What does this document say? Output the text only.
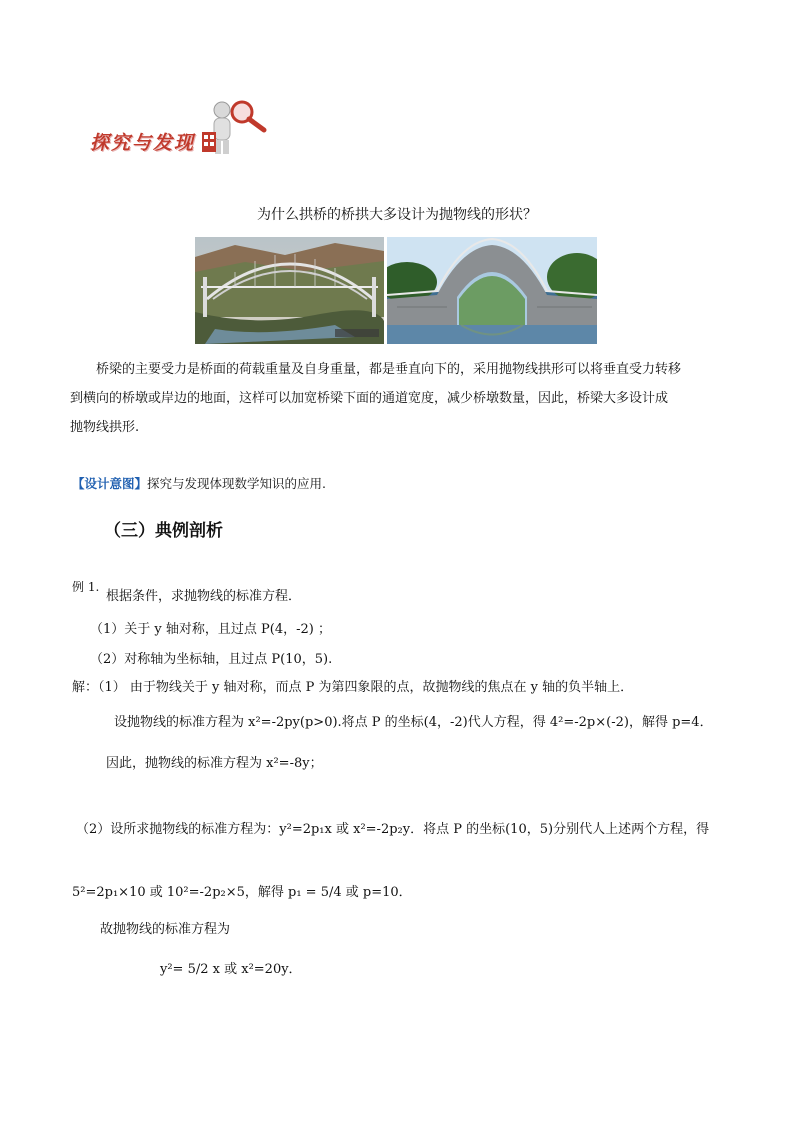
探究与发现
为什么拱桥的桥拱大多设计为抛物线的形状？

桥梁的主要受力是桥面的荷载重量及自身重量，都是垂直向下的，采用抛物线拱形可以将垂直受力转移

到横向的桥墩或岸边的地面，这样可以加宽桥梁下面的通道宽度，减少桥墩数量，因此，桥梁大多设计成

抛物线拱形.

【设计意图】探究与发现体现数学知识的应用.
（三）典例剖析
例 1.
根据条件，求抛物线的标准方程．
（1）关于 y 轴对称，且过点 P(4，-2) ；
（2）对称轴为坐标轴，且过点 P(10，5).
解：（1） 由于物线关于 y 轴对称，而点 P 为第四象限的点，故抛物线的焦点在 y 轴的负半轴上．
设抛物线的标准方程为 x²=-2py(p>0).将点 P 的坐标(4，-2)代人方程，得 4²=-2p×(-2)，解得 p=4．
因此，抛物线的标准方程为 x²=-8y；
（2）设所求抛物线的标准方程为：y²=2p₁x 或 x²=-2p₂y．将点 P 的坐标(10，5)分别代人上述两个方程，得
5²=2p₁×10 或 10²=-2p₂×5，解得 p₁ = 5/4 或 p=10．
故抛物线的标准方程为
y²= 5/2 x 或 x²=20y．
